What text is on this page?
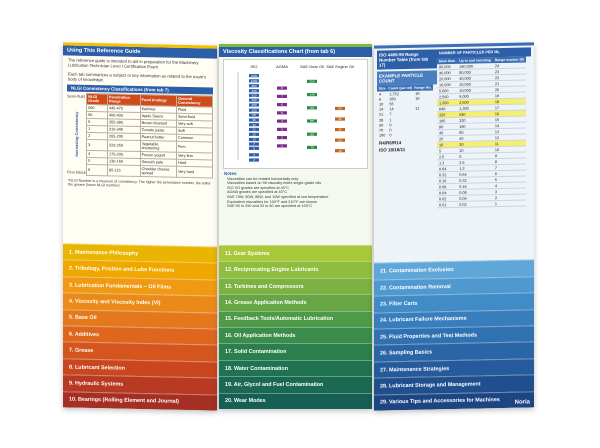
Using This Reference Guide
The reference guide is intended to aid in preparation for the Machinery Lubrication Technician Level I Certification Exam.
Each tab summarizes a subject or key information as related to the exam's body of knowledge.
NLGI Consistency Classifications (from tab 7)
Semi-fluid
Increasing Consistency
Firm Block
NLGI Grade	Penetration Range	Food Analogy	General Consistency
000	445-475	Ketchup	Fluid
00	400-430	Apple Sauce	Semi-fluid
0	355-385	Brown Mustard	Very soft
1	310-340	Tomato paste	Soft
2	265-295	Peanut butter	Common
3	220-250	Vegetable shortening	Firm
4	175-205	Frozen yogurt	Very firm
5	130-160	Smooth pate	Hard
6	85-115	Cheddar cheese spread	Very hard
*NLGI Number is a measure of consistency. The higher the penetration number, the softer the grease (lower NLGI number).
1. Maintenance Philosophy
2. Tribology, Friction and Lube Functions
3. Lubrication Fundamentals – Oil Films
4. Viscosity and Viscosity Index (VI)
5. Base Oil
6. Additives
7. Grease
8. Lubricant Selection
9. Hydraulic Systems
10. Bearings (Rolling Element and Journal)
Viscosity Classifications Chart (from tab 6)
ISO	AGMA	SAE Gear Oil SAE Engine Oil
2
3
5
7
10
15
22
32
46
68
100
150
220
320
460
680
1000
1500
1
2
3
4
5
6
7
8
75
80
85
90
140
250
10
20
30
40
50
Notes
Viscosities can be related horizontally only
Viscosities based on 96 viscosity index single-grade oils
ISO VG grades are specified at 40°C
AGMA grades are specified at 40°C
SAE 75W, 80W, 85W, and 10W specified at low temperature
Equivalent viscosities for 100°F and 210°F are shown
SAE 90 to 250 and 20 to 50 are specified at 100°C
11. Gear Systems
12. Reciprocating Engine Lubricants
13. Turbines and Compressors
14. Grease Application Methods
15. Feedback Tools/Automatic Lubrication
16. Oil Application Methods
17. Solid Contamination
18. Water Contamination
19. Air, Glycol and Fuel Contamination
20. Wear Modes
ISO 4406:99 Range Number Table (from tab 17)
EXAMPLE PARTICLE COUNT
Size	Count (per ml)	Range No.
4	1,752	18
6	360	16
10	55	
14	14	11
21	7	
38	1	
50	0	
70	0	
100	0	
R4/R6/R14
ISO 18/16/11
NUMBER OF PARTICLES PER ML
More than	Up to and including	Range number (R)
80,000	160,000	24
40,000	80,000	23
20,000	40,000	22
10,000	20,000	21
5,000	10,000	20
2,500	5,000	19
1,300	2,500	18
640	1,300	17
320	640	16
160	320	15
80	160	14
40	80	13
20	40	12
10	20	11
5	10	10
2.5	5	9
1.3	2.5	8
0.64	1.3	7
0.32	0.64	6
0.16	0.32	5
0.08	0.16	4
0.04	0.08	3
0.02	0.04	2
0.01	0.02	1
21. Contamination Exclusion
22. Contamination Removal
23. Filter Carts
24. Lubricant Failure Mechanisms
25. Fluid Properties and Test Methods
26. Sampling Basics
27. Maintenance Strategies
28. Lubricant Storage and Management
29. Various Tips and Accessories for Machines	Noria
